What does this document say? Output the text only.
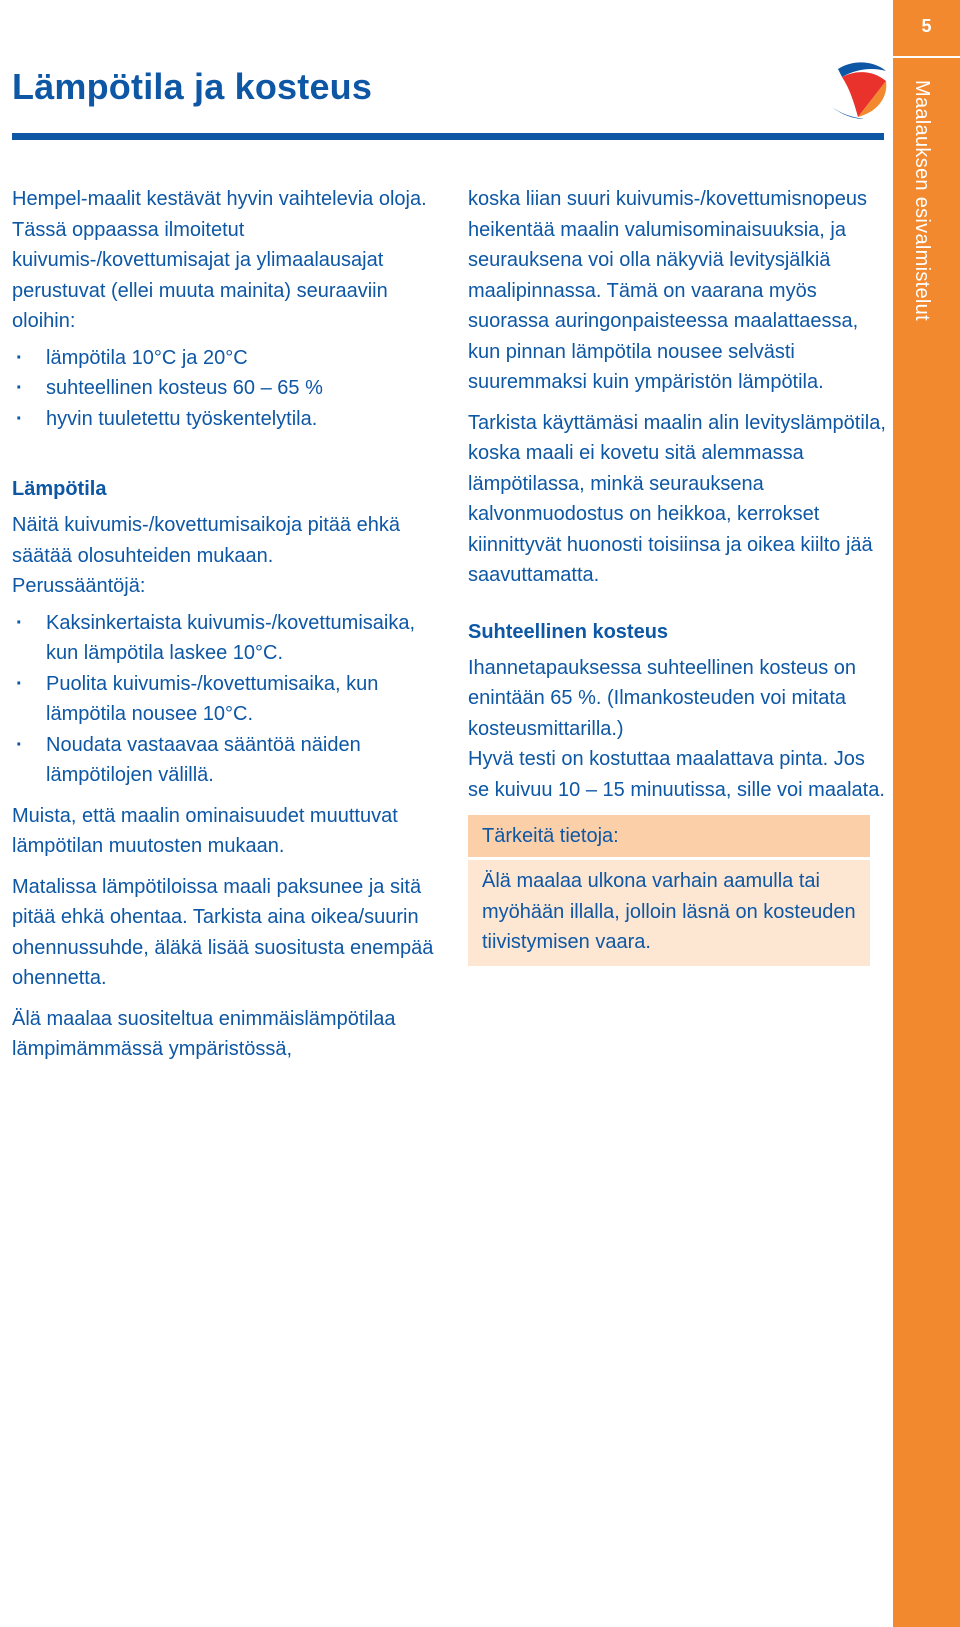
Lämpötila ja kosteus
5
Maalauksen esivalmistelut

Hempel-maalit kestävät hyvin vaihtelevia oloja. Tässä oppaassa ilmoitetut kuivumis-/kovettumisajat ja ylimaalausajat perustuvat (ellei muuta mainita) seuraaviin oloihin:

· lämpötila 10°C ja 20°C
· suhteellinen kosteus 60 – 65 %
· hyvin tuuletettu työskentelytila.
Lämpötila

Näitä kuivumis-/kovettumisaikoja pitää ehkä säätää olosuhteiden mukaan.

Perussääntöjä:

· Kaksinkertaista kuivumis-/kovettumisaika, kun lämpötila laskee 10°C.
· Puolita kuivumis-/kovettumisaika, kun lämpötila nousee 10°C.
· Noudata vastaavaa sääntöä näiden lämpötilojen välillä.

Muista, että maalin ominaisuudet muuttuvat lämpötilan muutosten mukaan.

Matalissa lämpötiloissa maali paksunee ja sitä pitää ehkä ohentaa. Tarkista aina oikea/suurin ohennussuhde, äläkä lisää suositusta enempää ohennetta.

Älä maalaa suositeltua enimmäislämpötilaa lämpimämmässä ympäristössä,

koska liian suuri kuivumis-/kovettumisnopeus heikentää maalin valumisominaisuuksia, ja seurauksena voi olla näkyviä levitysjälkiä maalipinnassa. Tämä on vaarana myös suorassa auringonpaisteessa maalattaessa, kun pinnan lämpötila nousee selvästi suuremmaksi kuin ympäristön lämpötila.

Tarkista käyttämäsi maalin alin levityslämpötila, koska maali ei kovetu sitä alemmassa lämpötilassa, minkä seurauksena kalvonmuodostus on heikkoa, kerrokset kiinnittyvät huonosti toisiinsa ja oikea kiilto jää saavuttamatta.

Suhteellinen kosteus

Ihannetapauksessa suhteellinen kosteus on enintään 65 %. (Ilmankosteuden voi mitata kosteusmittarilla.)

Hyvä testi on kostuttaa maalattava pinta. Jos se kuivuu 10 – 15 minuutissa, sille voi maalata.

Tärkeitä tietoja:
Älä maalaa ulkona varhain aamulla tai myöhään illalla, jolloin läsnä on kosteuden tiivistymisen vaara.
